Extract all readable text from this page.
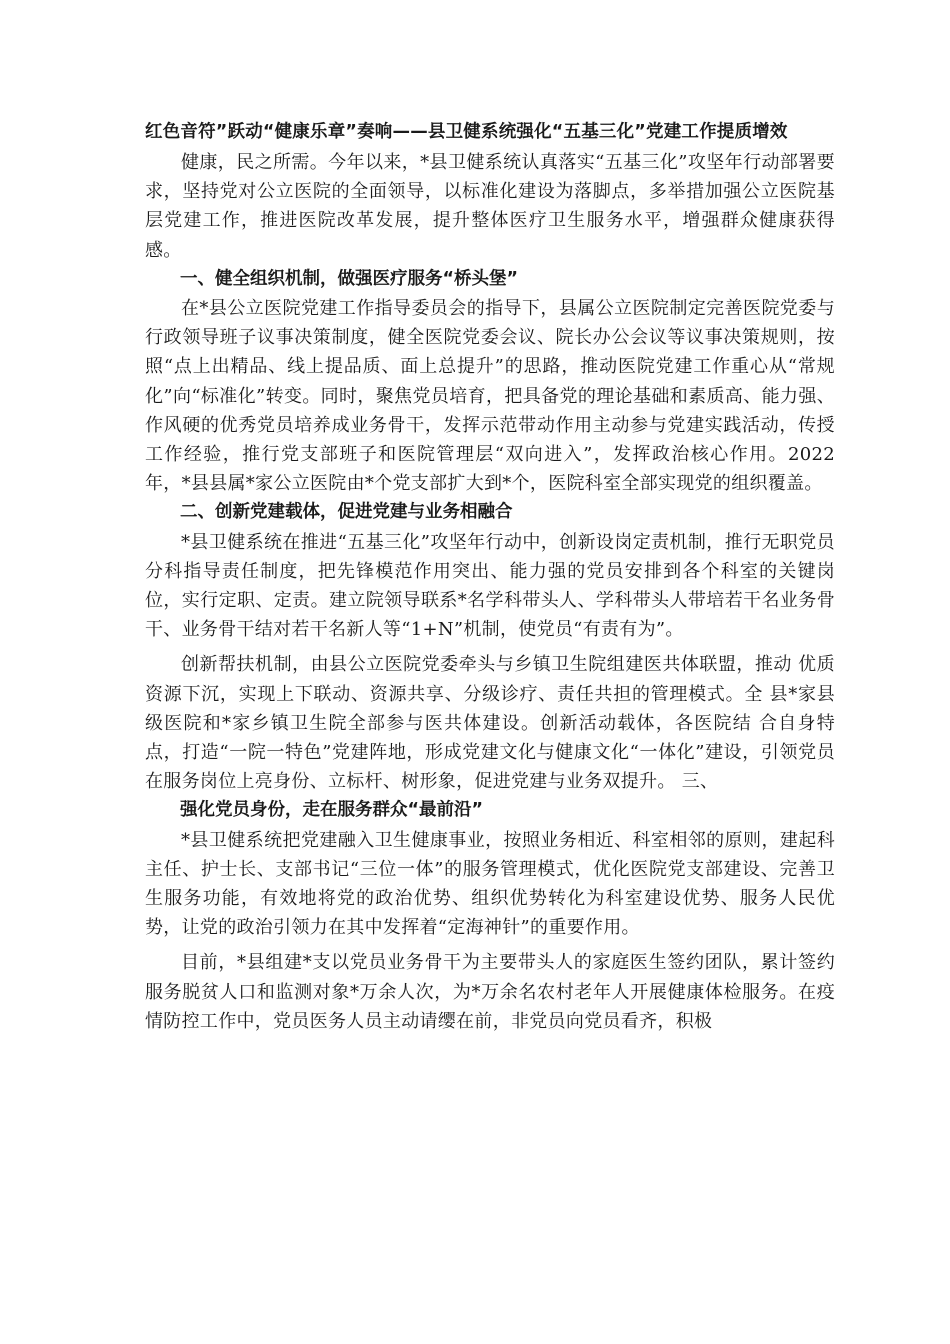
红色音符”跃动“健康乐章”奏响——县卫健系统强化“五基三化”党建工作提质增效

健康，民之所需。今年以来，*县卫健系统认真落实“五基三化”攻坚年行动部署要求，坚持党对公立医院的全面领导，以标准化建设为落脚点，多举措加强公立医院基层党建工作，推进医院改革发展，提升整体医疗卫生服务水平，增强群众健康获得感。

一、健全组织机制，做强医疗服务“桥头堡”

在*县公立医院党建工作指导委员会的指导下，县属公立医院制定完善医院党委与行政领导班子议事决策制度，健全医院党委会议、院长办公会议等议事决策规则，按照“点上出精品、线上提品质、面上总提升”的思路，推动医院党建工作重心从“常规化”向“标准化”转变。同时，聚焦党员培育，把具备党的理论基础和素质高、能力强、作风硬的优秀党员培养成业务骨干，发挥示范带动作用主动参与党建实践活动，传授工作经验，推行党支部班子和医院管理层“双向进入”，发挥政治核心作用。2022 年，*县县属*家公立医院由*个党支部扩大到*个，医院科室全部实现党的组织覆盖。

二、创新党建载体，促进党建与业务相融合

*县卫健系统在推进“五基三化”攻坚年行动中，创新设岗定责机制，推行无职党员分科指导责任制度，把先锋模范作用突出、能力强的党员安排到各个科室的关键岗位，实行定职、定责。建立院领导联系*名学科带头人、学科带头人带培若干名业务骨干、业务骨干结对若干名新人等“1+N”机制，使党员“有责有为”。

创新帮扶机制，由县公立医院党委牵头与乡镇卫生院组建医共体联盟，推动 优质资源下沉，实现上下联动、资源共享、分级诊疗、责任共担的管理模式。全 县*家县级医院和*家乡镇卫生院全部参与医共体建设。创新活动载体，各医院结 合自身特点，打造“一院一特色”党建阵地，形成党建文化与健康文化“一体化”建设，引领党员在服务岗位上亮身份、立标杆、树形象，促进党建与业务双提升。 三、

强化党员身份，走在服务群众“最前沿”

*县卫健系统把党建融入卫生健康事业，按照业务相近、科室相邻的原则，建起科主任、护士长、支部书记“三位一体”的服务管理模式，优化医院党支部建设、完善卫生服务功能，有效地将党的政治优势、组织优势转化为科室建设优势、服务人民优势，让党的政治引领力在其中发挥着“定海神针”的重要作用。

目前，*县组建*支以党员业务骨干为主要带头人的家庭医生签约团队，累计签约服务脱贫人口和监测对象*万余人次，为*万余名农村老年人开展健康体检服务。在疫情防控工作中，党员医务人员主动请缨在前，非党员向党员看齐，积极
